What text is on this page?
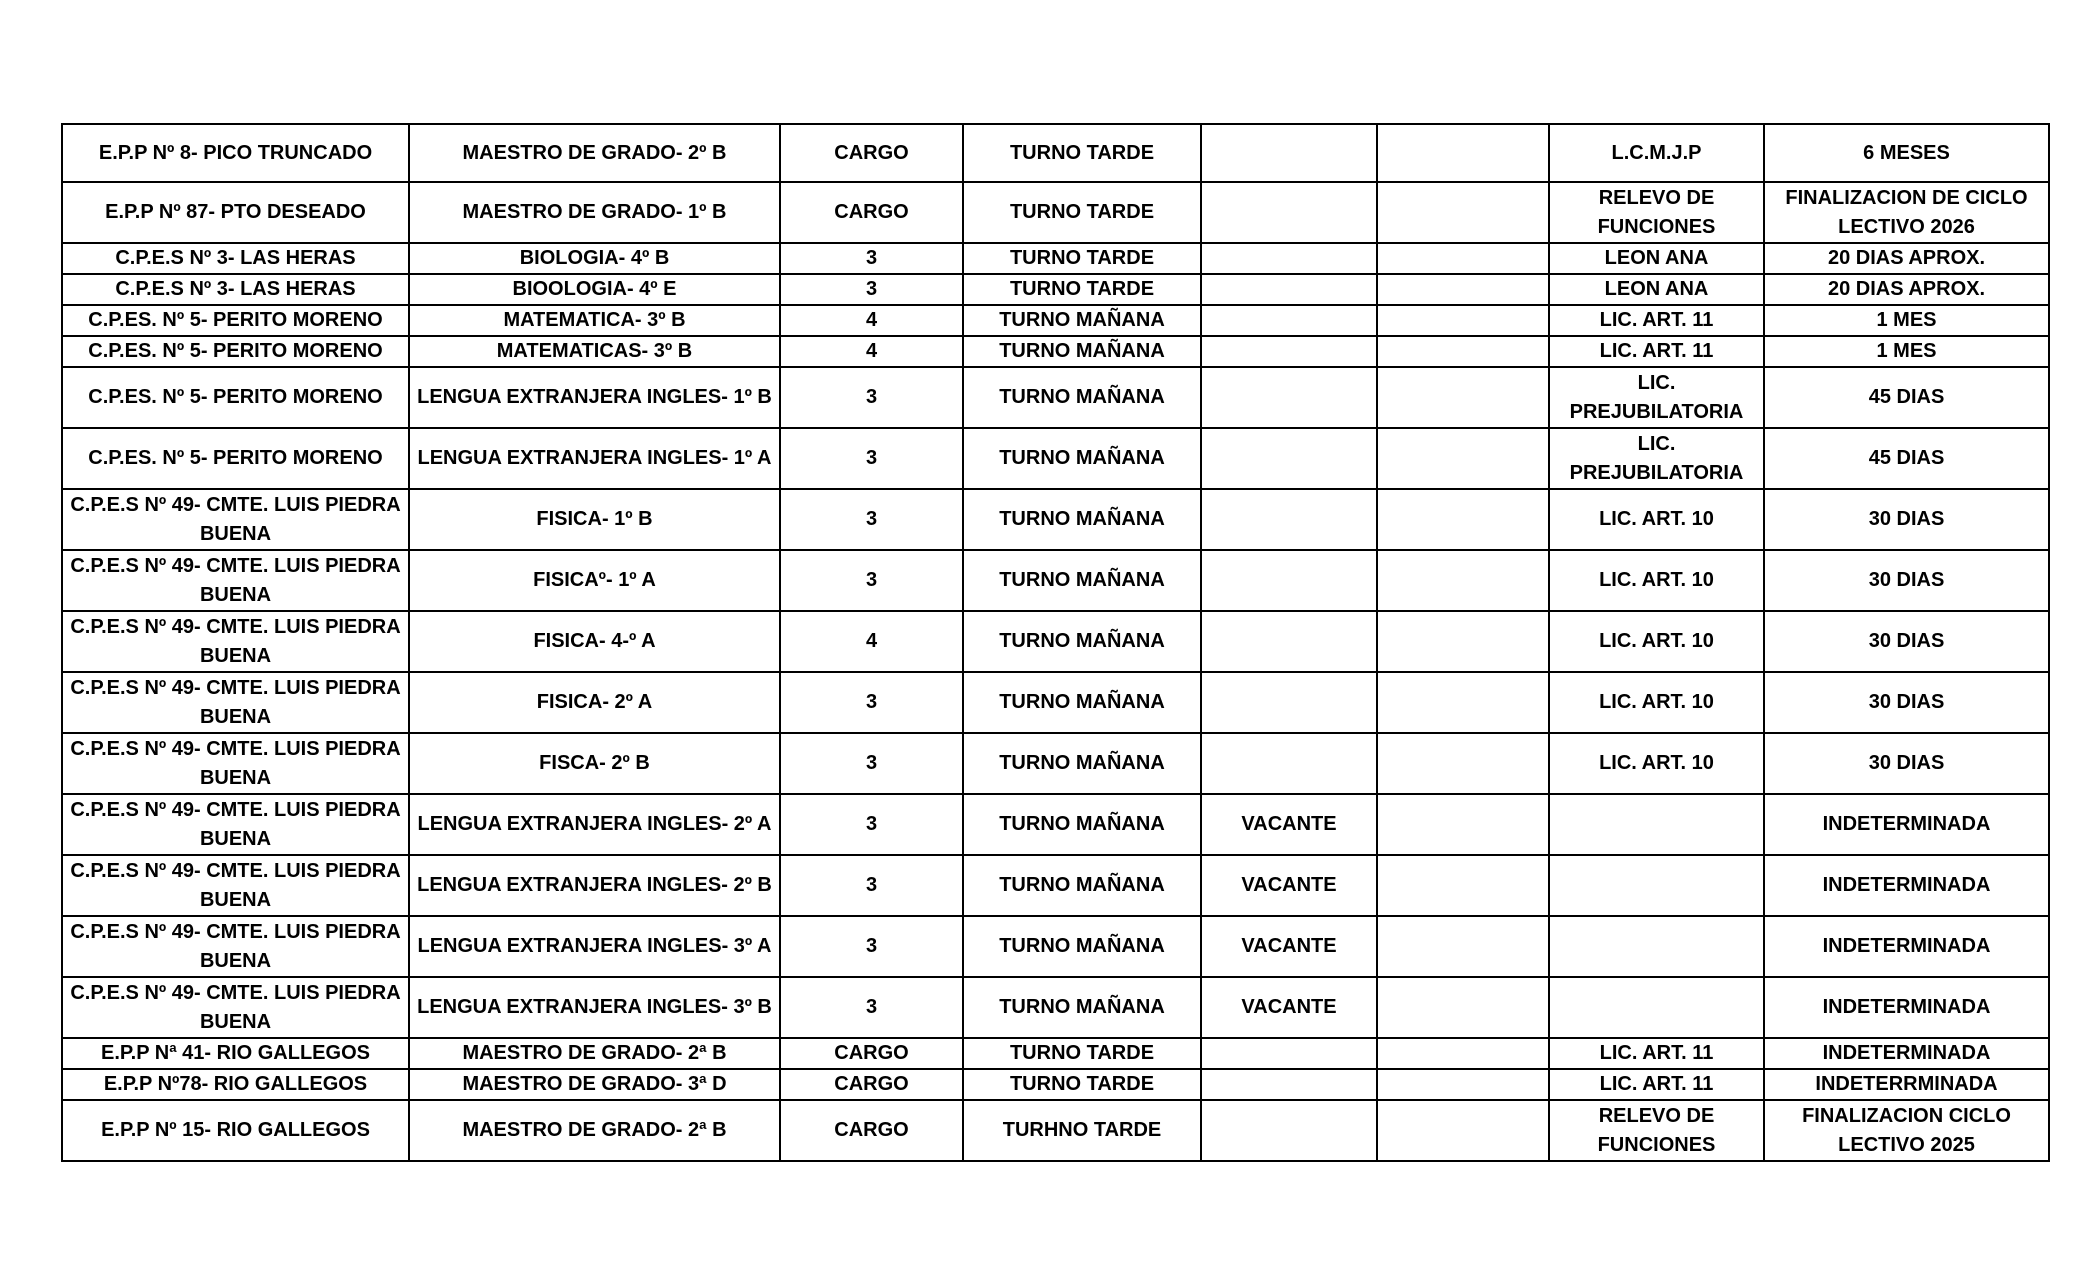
E.P.P Nº 8- PICO TRUNCADO	MAESTRO DE GRADO- 2º B	CARGO	TURNO TARDE			L.C.M.J.P	6 MESES
E.P.P Nº 87- PTO DESEADO	MAESTRO DE GRADO- 1º B	CARGO	TURNO TARDE			RELEVO DE FUNCIONES	FINALIZACION DE CICLO LECTIVO 2026
C.P.E.S Nº 3- LAS HERAS	BIOLOGIA- 4º B	3	TURNO TARDE			LEON ANA	20 DIAS APROX.
C.P.E.S Nº 3- LAS HERAS	BIOOLOGIA- 4º E	3	TURNO TARDE			LEON ANA	20 DIAS APROX.
C.P.ES. Nº 5- PERITO MORENO	MATEMATICA- 3º B	4	TURNO MAÑANA			LIC. ART. 11	1 MES
C.P.ES. Nº 5- PERITO MORENO	MATEMATICAS- 3º B	4	TURNO MAÑANA			LIC. ART. 11	1 MES
C.P.ES. Nº 5- PERITO MORENO	LENGUA EXTRANJERA INGLES- 1º B	3	TURNO MAÑANA			LIC. PREJUBILATORIA	45 DIAS
C.P.ES. Nº 5- PERITO MORENO	LENGUA EXTRANJERA INGLES- 1º A	3	TURNO MAÑANA			LIC. PREJUBILATORIA	45 DIAS
C.P.E.S Nº 49- CMTE. LUIS PIEDRA BUENA	FISICA- 1º B	3	TURNO MAÑANA			LIC. ART. 10	30 DIAS
C.P.E.S Nº 49- CMTE. LUIS PIEDRA BUENA	FISICAº- 1º A	3	TURNO MAÑANA			LIC. ART. 10	30 DIAS
C.P.E.S Nº 49- CMTE. LUIS PIEDRA BUENA	FISICA- 4-º A	4	TURNO MAÑANA			LIC. ART. 10	30 DIAS
C.P.E.S Nº 49- CMTE. LUIS PIEDRA BUENA	FISICA- 2º A	3	TURNO MAÑANA			LIC. ART. 10	30 DIAS
C.P.E.S Nº 49- CMTE. LUIS PIEDRA BUENA	FISCA- 2º B	3	TURNO MAÑANA			LIC. ART. 10	30 DIAS
C.P.E.S Nº 49- CMTE. LUIS PIEDRA BUENA	LENGUA EXTRANJERA INGLES- 2º A	3	TURNO MAÑANA	VACANTE			INDETERMINADA
C.P.E.S Nº 49- CMTE. LUIS PIEDRA BUENA	LENGUA EXTRANJERA INGLES- 2º B	3	TURNO MAÑANA	VACANTE			INDETERMINADA
C.P.E.S Nº 49- CMTE. LUIS PIEDRA BUENA	LENGUA EXTRANJERA INGLES- 3º A	3	TURNO MAÑANA	VACANTE			INDETERMINADA
C.P.E.S Nº 49- CMTE. LUIS PIEDRA BUENA	LENGUA EXTRANJERA INGLES- 3º B	3	TURNO MAÑANA	VACANTE			INDETERMINADA
E.P.P Nª 41- RIO GALLEGOS	MAESTRO DE GRADO- 2ª B	CARGO	TURNO TARDE			LIC. ART. 11	INDETERMINADA
E.P.P Nº78- RIO GALLEGOS	MAESTRO DE GRADO- 3ª D	CARGO	TURNO TARDE			LIC. ART. 11	INDETERRMINADA
E.P.P Nº 15- RIO GALLEGOS	MAESTRO DE GRADO- 2ª B	CARGO	TURHNO TARDE			RELEVO DE FUNCIONES	FINALIZACION CICLO LECTIVO 2025
